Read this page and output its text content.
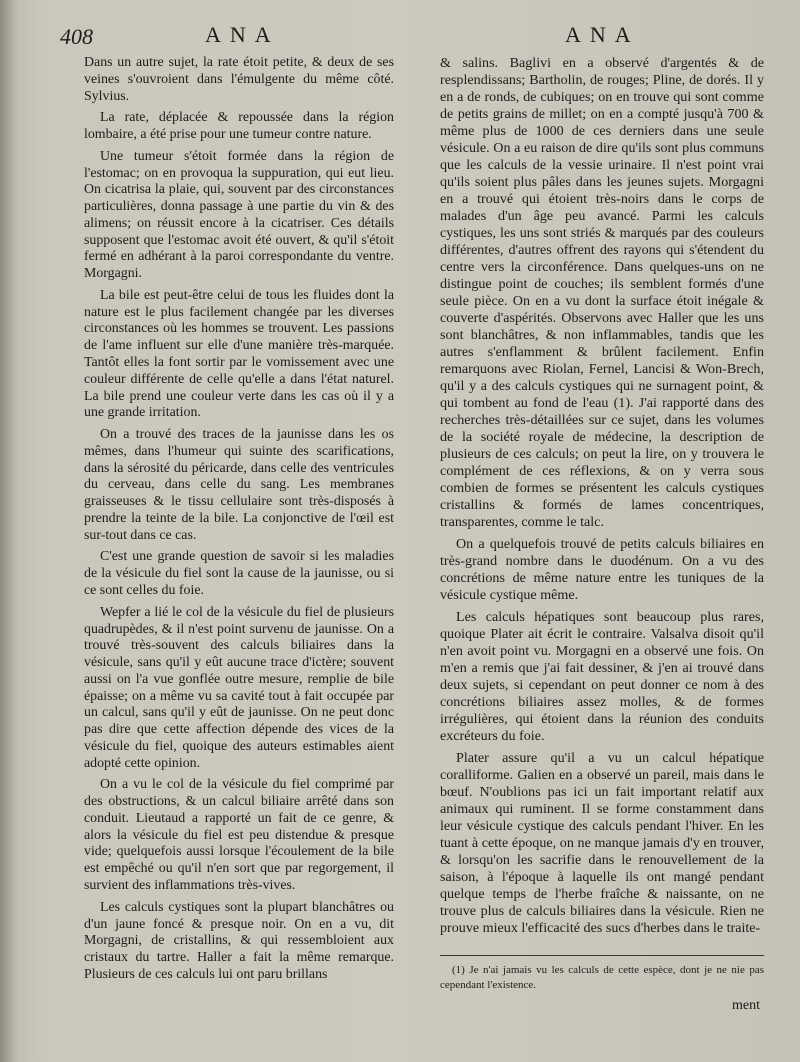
408	ANA	ANA

Dans un autre sujet, la rate étoit petite, & deux de ses veines s'ouvroient dans l'émulgente du même côté. Sylvius.

La rate, déplacée & repoussée dans la région lombaire, a été prise pour une tumeur contre nature.

Une tumeur s'étoit formée dans la région de l'estomac; on en provoqua la suppuration, qui eut lieu. On cicatrisa la plaie, qui, souvent par des circonstances particulières, donna passage à une partie du vin & des alimens; on réussit encore à la cicatriser. Ces détails supposent que l'estomac avoit été ouvert, & qu'il s'étoit fermé en adhérant à la paroi correspondante du ventre. Morgagni.

La bile est peut-être celui de tous les fluides dont la nature est le plus facilement changée par les diverses circonstances où les hommes se trouvent. Les passions de l'ame influent sur elle d'une manière très-marquée. Tantôt elles la font sortir par le vomissement avec une couleur différente de celle qu'elle a dans l'état naturel. La bile prend une couleur verte dans les cas où il y a une grande irritation.

On a trouvé des traces de la jaunisse dans les os mêmes, dans l'humeur qui suinte des scarifications, dans la sérosité du péricarde, dans celle des ventricules du cerveau, dans celle du sang. Les membranes graisseuses & le tissu cellulaire sont très-disposés à prendre la teinte de la bile. La conjonctive de l'œil est sur-tout dans ce cas.

C'est une grande question de savoir si les maladies de la vésicule du fiel sont la cause de la jaunisse, ou si ce sont celles du foie.

Wepfer a lié le col de la vésicule du fiel de plusieurs quadrupèdes, & il n'est point survenu de jaunisse. On a trouvé très-souvent des calculs biliaires dans la vésicule, sans qu'il y eût aucune trace d'ictère; souvent aussi on l'a vue gonflée outre mesure, remplie de bile épaisse; on a même vu sa cavité tout à fait occupée par un calcul, sans qu'il y eût de jaunisse. On ne peut donc pas dire que cette affection dépende des vices de la vésicule du fiel, quoique des auteurs estimables aient adopté cette opinion.

On a vu le col de la vésicule du fiel comprimé par des obstructions, & un calcul biliaire arrêté dans son conduit. Lieutaud a rapporté un fait de ce genre, & alors la vésicule du fiel est peu distendue & presque vide; quelquefois aussi lorsque l'écoulement de la bile est empêché ou qu'il n'en sort que par regorgement, il survient des inflammations très-vives.

Les calculs cystiques sont la plupart blanchâtres ou d'un jaune foncé & presque noir. On en a vu, dit Morgagni, de cristallins, & qui ressembloient aux cristaux du tartre. Haller a fait la même remarque. Plusieurs de ces calculs lui ont paru brillans

& salins. Baglivi en a observé d'argentés & de resplendissans; Bartholin, de rouges; Pline, de dorés. Il y en a de ronds, de cubiques; on en trouve qui sont comme de petits grains de millet; on en a compté jusqu'à 700 & même plus de 1000 de ces derniers dans une seule vésicule. On a eu raison de dire qu'ils sont plus communs que les calculs de la vessie urinaire. Il n'est point vrai qu'ils soient plus pâles dans les jeunes sujets. Morgagni en a trouvé qui étoient très-noirs dans le corps de malades d'un âge peu avancé. Parmi les calculs cystiques, les uns sont striés & marqués par des couleurs différentes, d'autres offrent des rayons qui s'étendent du centre vers la circonférence. Dans quelques-uns on ne distingue point de couches; ils semblent formés d'une seule pièce. On en a vu dont la surface étoit inégale & couverte d'aspérités. Observons avec Haller que les uns sont blanchâtres, & non inflammables, tandis que les autres s'enflamment & brûlent facilement. Enfin remarquons avec Riolan, Fernel, Lancisi & Won-Brech, qu'il y a des calculs cystiques qui ne surnagent point, & qui tombent au fond de l'eau (1). J'ai rapporté dans des recherches très-détaillées sur ce sujet, dans les volumes de la société royale de médecine, la description de plusieurs de ces calculs; on peut la lire, on y trouvera le complément de ces réflexions, & on y verra sous combien de formes se présentent les calculs cystiques cristallins & formés de lames concentriques, transparentes, comme le talc.

On a quelquefois trouvé de petits calculs biliaires en très-grand nombre dans le duodénum. On a vu des concrétions de même nature entre les tuniques de la vésicule cystique même.

Les calculs hépatiques sont beaucoup plus rares, quoique Plater ait écrit le contraire. Valsalva disoit qu'il n'en avoit point vu. Morgagni en a observé une fois. On m'en a remis que j'ai fait dessiner, & j'en ai trouvé dans deux sujets, si cependant on peut donner ce nom à des concrétions biliaires assez molles, & de formes irrégulières, qui étoient dans la réunion des conduits excréteurs du foie.

Plater assure qu'il a vu un calcul hépatique coralliforme. Galien en a observé un pareil, mais dans le bœuf. N'oublions pas ici un fait important relatif aux animaux qui ruminent. Il se forme constamment dans leur vésicule cystique des calculs pendant l'hiver. En les tuant à cette époque, on ne manque jamais d'y en trouver, & lorsqu'on les sacrifie dans le renouvellement de la saison, à l'époque à laquelle ils ont mangé pendant quelque temps de l'herbe fraîche & naissante, on ne trouve plus de calculs biliaires dans la vésicule. Rien ne prouve mieux l'efficacité des sucs d'herbes dans le traite-

(1) Je n'ai jamais vu les calculs de cette espèce, dont je ne nie pas cependant l'existence.

ment
